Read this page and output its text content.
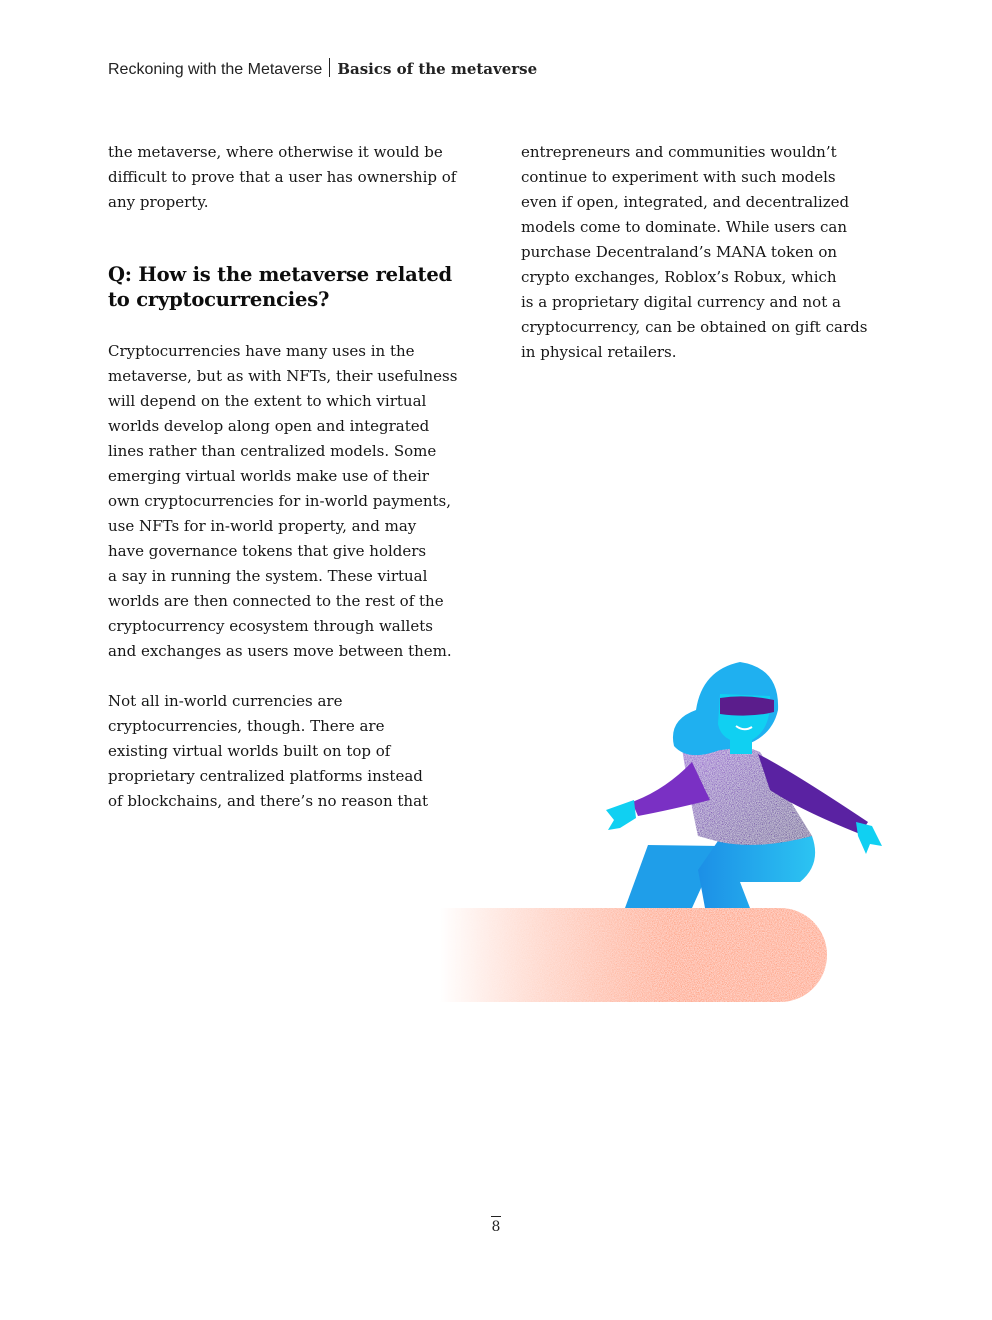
Reckoning with the Metaverse Basics of the metaverse
the metaverse, where otherwise it would be
difficult to prove that a user has ownership of
any property.
Q: How is the metaverse related
to cryptocurrencies?
Cryptocurrencies have many uses in the
metaverse, but as with NFTs, their usefulness
will depend on the extent to which virtual
worlds develop along open and integrated
lines rather than centralized models. Some
emerging virtual worlds make use of their
own cryptocurrencies for in-world payments,
use NFTs for in-world property, and may
have governance tokens that give holders
a say in running the system. These virtual
worlds are then connected to the rest of the
cryptocurrency ecosystem through wallets
and exchanges as users move between them.
Not all in-world currencies are
cryptocurrencies, though. There are
existing virtual worlds built on top of
proprietary centralized platforms instead
of blockchains, and there’s no reason that
entrepreneurs and communities wouldn’t
continue to experiment with such models
even if open, integrated, and decentralized
models come to dominate. While users can
purchase Decentraland’s MANA token on
crypto exchanges, Roblox’s Robux, which
is a proprietary digital currency and not a
cryptocurrency, can be obtained on gift cards
in physical retailers.
8
